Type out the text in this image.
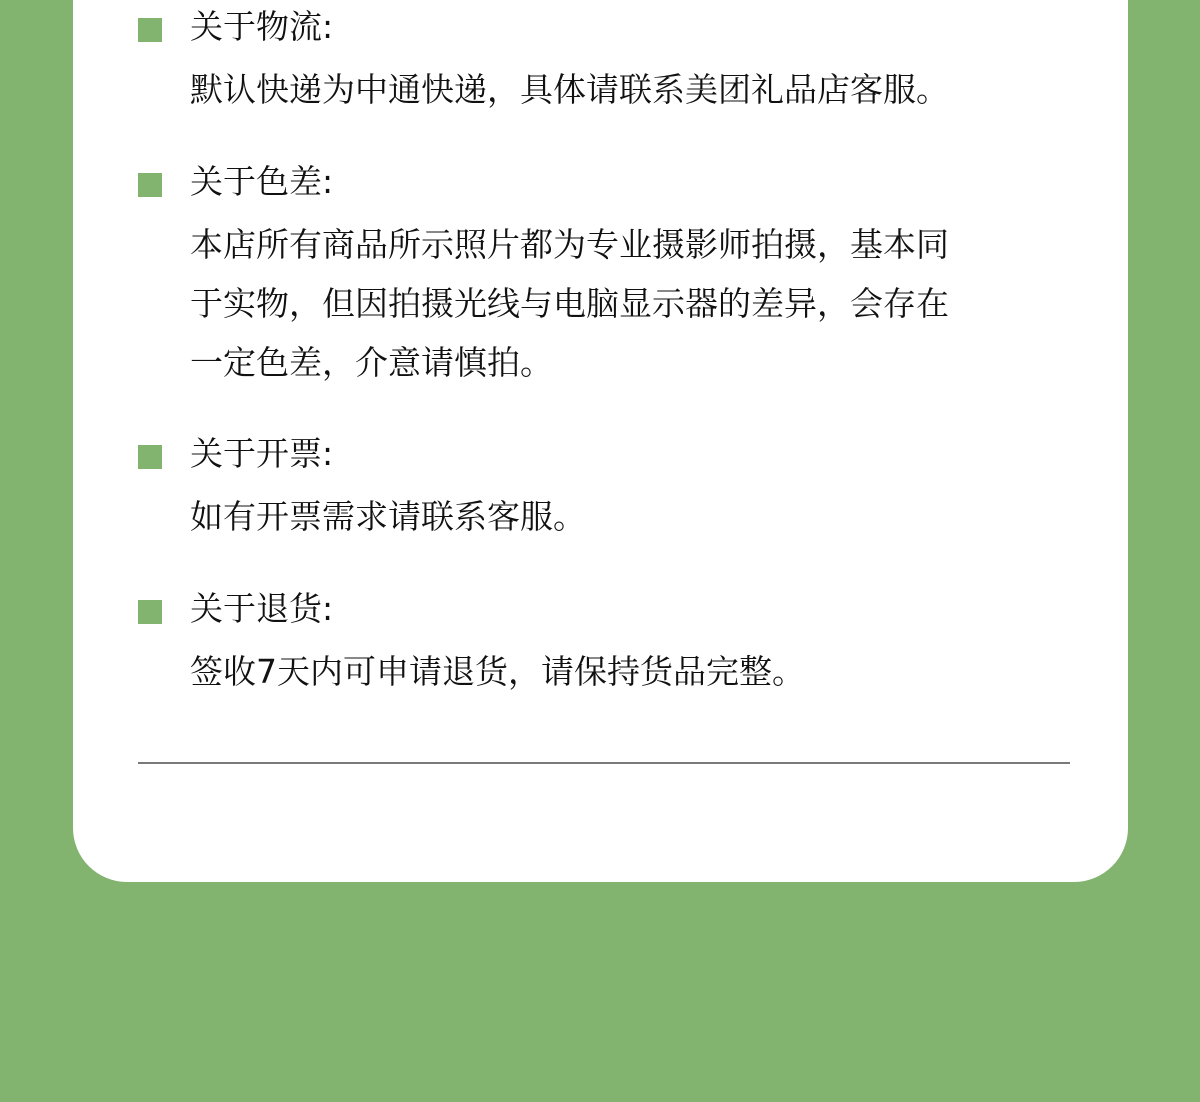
关于物流:
默认快递为中通快递，具体请联系美团礼品店客服。
关于色差:
本店所有商品所示照片都为专业摄影师拍摄，基本同
于实物，但因拍摄光线与电脑显示器的差异，会存在
一定色差，介意请慎拍。
关于开票:
如有开票需求请联系客服。
关于退货:
签收7天内可申请退货，请保持货品完整。
